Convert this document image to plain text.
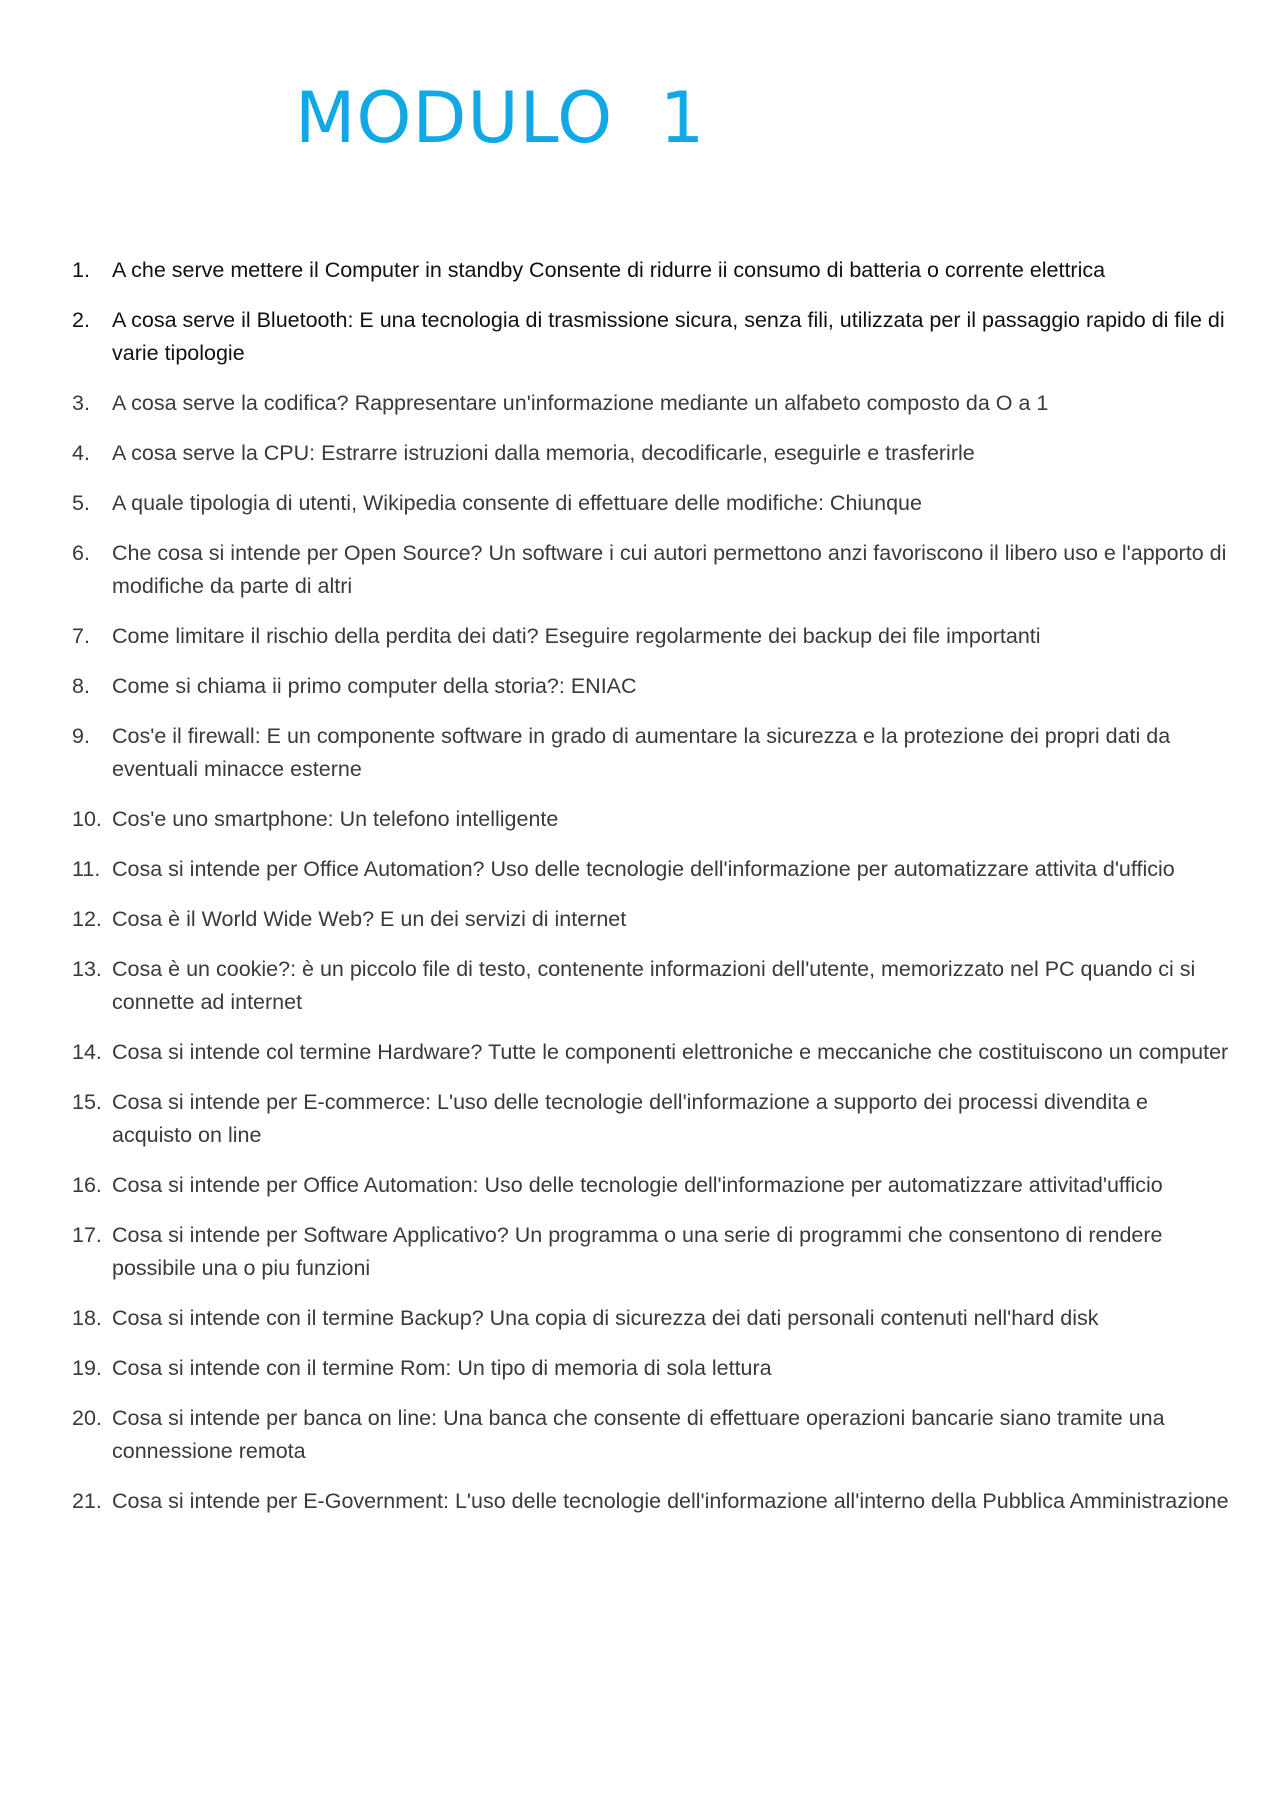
MODULO  1
1.	A che serve mettere il Computer in standby Consente di ridurre ii consumo di batteria o corrente elettrica

2.	A cosa serve il Bluetooth: E una tecnologia di trasmissione sicura, senza fili, utilizzata per il passaggio rapido di file di varie tipologie

3.	A cosa serve la codifica? Rappresentare un'informazione mediante un alfabeto composto da O a 1

4.	A cosa serve la CPU: Estrarre istruzioni dalla memoria, decodificarle, eseguirle e trasferirle

5.	A quale tipologia di utenti, Wikipedia consente di effettuare delle modifiche: Chiunque

6.	Che cosa si intende per Open Source? Un software i cui autori permettono anzi favoriscono il libero uso e l'apporto di modifiche da parte di altri

7.	Come limitare il rischio della perdita dei dati? Eseguire regolarmente dei backup dei file importanti

8.	Come si chiama ii primo computer della storia?: ENIAC

9.	Cos'e il firewall: E un componente software in grado di aumentare la sicurezza e la protezione dei propri dati da eventuali minacce esterne

10. Cos'e uno smartphone: Un telefono intelligente

11. Cosa si intende per Office Automation? Uso delle tecnologie dell'informazione per automatizzare attivita d'ufficio

12. Cosa è il World Wide Web? E un dei servizi di internet

13. Cosa è un cookie?: è un piccolo file di testo, contenente informazioni dell'utente, memorizzato nel PC quando ci si connette ad internet

14. Cosa si intende col termine Hardware? Tutte le componenti elettroniche e meccaniche che costituiscono un computer

15. Cosa si intende per E-commerce: L'uso delle tecnologie dell'informazione a supporto dei processi divendita e acquisto on line

16. Cosa si intende per Office Automation: Uso delle tecnologie dell'informazione per automatizzare attivitad'ufficio

17. Cosa si intende per Software Applicativo? Un programma o una serie di programmi che consentono di rendere possibile una o piu funzioni

18. Cosa si intende con il termine Backup? Una copia di sicurezza dei dati personali contenuti nell'hard disk

19. Cosa si intende con il termine Rom: Un tipo di memoria di sola lettura

20. Cosa si intende per banca on line: Una banca che consente di effettuare operazioni bancarie siano tramite una connessione remota

21. Cosa si intende per E-Government: L'uso delle tecnologie dell'informazione all'interno della Pubblica Amministrazione
